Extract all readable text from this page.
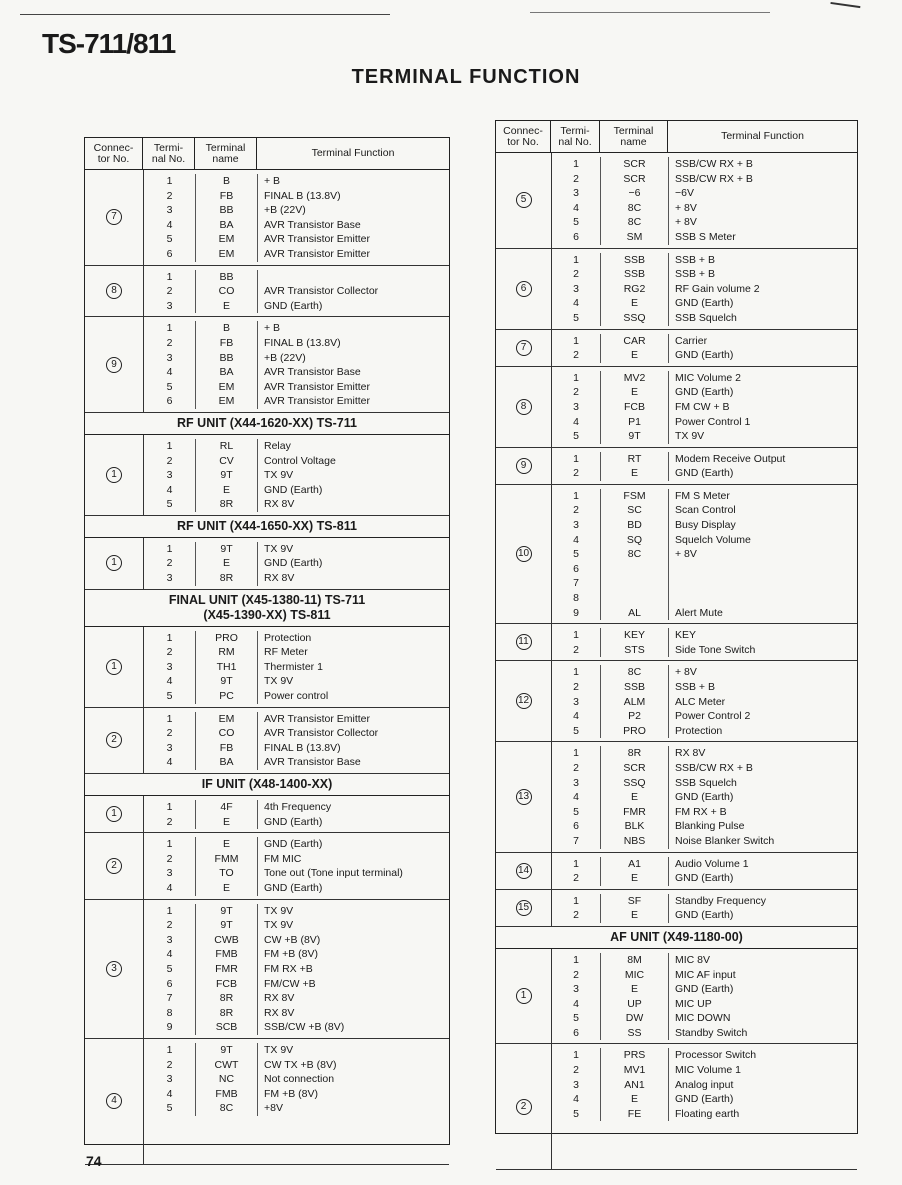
TS-711/811
TERMINAL FUNCTION
Connec-
tor No.
Termi-
nal No.
Terminal
name	Terminal Function
7
1	B	+ B
2	FB	FINAL B (13.8V)
3	BB	+B (22V)
4	BA	AVR Transistor Base
5	EM	AVR Transistor Emitter
6	EM	AVR Transistor Emitter
8
1	BB
2	CO	AVR Transistor Collector
3	E	GND (Earth)
9
1	B	+ B
2	FB	FINAL B (13.8V)
3	BB	+B (22V)
4	BA	AVR Transistor Base
5	EM	AVR Transistor Emitter
6	EM	AVR Transistor Emitter
RF UNIT (X44-1620-XX) TS-711
1
1	RL	Relay
2	CV	Control Voltage
3	9T	TX 9V
4	E	GND (Earth)
5	8R	RX 8V
RF UNIT (X44-1650-XX) TS-811
1
1	9T	TX 9V
2	E	GND (Earth)
3	8R	RX 8V
FINAL UNIT (X45-1380-11) TS-711
(X45-1390-XX) TS-811
1
1	PRO	Protection
2	RM	RF Meter
3	TH1	Thermister 1
4	9T	TX 9V
5	PC	Power control
2
1	EM	AVR Transistor Emitter
2	CO	AVR Transistor Collector
3	FB	FINAL B (13.8V)
4	BA	AVR Transistor Base
IF UNIT (X48-1400-XX)
1
1	4F	4th Frequency
2	E	GND (Earth)
2
1	E	GND (Earth)
2	FMM	FM MIC
3	TO	Tone out (Tone input terminal)
4	E	GND (Earth)
3
1	9T	TX 9V
2	9T	TX 9V
3	CWB	CW +B (8V)
4	FMB	FM +B (8V)
5	FMR	FM RX +B
6	FCB	FM/CW +B
7	8R	RX 8V
8	8R	RX 8V
9	SCB	SSB/CW +B (8V)
4
1	9T	TX 9V
2	CWT	CW TX +B (8V)
3	NC	Not connection
4	FMB	FM +B (8V)
5	8C	+8V
Connec-
tor No.
Termi-
nal No.
Terminal
name	Terminal Function
5
1	SCR	SSB/CW RX + B
2	SCR	SSB/CW RX + B
3	−6	−6V
4	8C	+ 8V
5	8C	+ 8V
6	SM	SSB S Meter
6
1	SSB	SSB + B
2	SSB	SSB + B
3	RG2	RF Gain volume 2
4	E	GND (Earth)
5	SSQ	SSB Squelch
7
1	CAR	Carrier
2	E	GND (Earth)
8
1	MV2	MIC Volume 2
2	E	GND (Earth)
3	FCB	FM CW + B
4	P1	Power Control 1
5	9T	TX 9V
9
1	RT	Modem Receive Output
2	E	GND (Earth)
10
1	FSM	FM S Meter
2	SC	Scan Control
3	BD	Busy Display
4	SQ	Squelch Volume
5	8C	+ 8V
6
7
8
9	AL	Alert Mute
11
1	KEY	KEY
2	STS	Side Tone Switch
12
1	8C	+ 8V
2	SSB	SSB + B
3	ALM	ALC Meter
4	P2	Power Control 2
5	PRO	Protection
13
1	8R	RX 8V
2	SCR	SSB/CW RX + B
3	SSQ	SSB Squelch
4	E	GND (Earth)
5	FMR	FM RX + B
6	BLK	Blanking Pulse
7	NBS	Noise Blanker Switch
14
1	A1	Audio Volume 1
2	E	GND (Earth)
15
1	SF	Standby Frequency
2	E	GND (Earth)
AF UNIT (X49-1180-00)
1
1	8M	MIC 8V
2	MIC	MIC AF input
3	E	GND (Earth)
4	UP	MIC UP
5	DW	MIC DOWN
6	SS	Standby Switch
2
1	PRS	Processor Switch
2	MV1	MIC Volume 1
3	AN1	Analog input
4	E	GND (Earth)
5	FE	Floating earth
74
